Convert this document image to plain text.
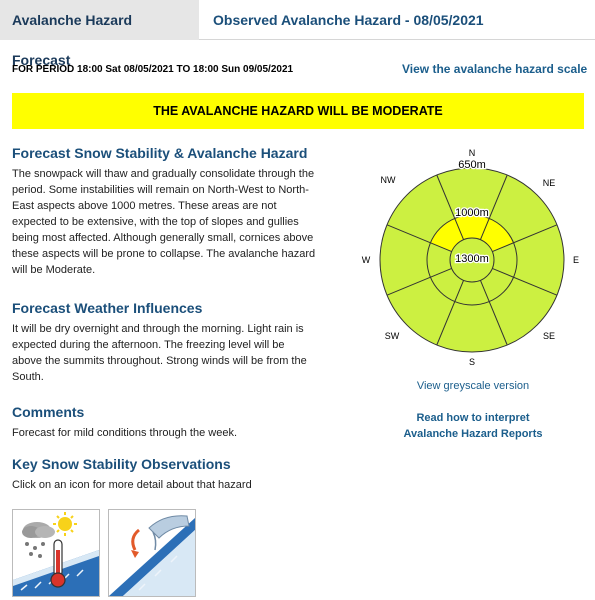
Avalanche Hazard Forecast
Observed Avalanche Hazard - 08/05/2021
FOR PERIOD 18:00 Sat 08/05/2021 TO 18:00 Sun 09/05/2021	View the avalanche hazard scale
THE AVALANCHE HAZARD WILL BE MODERATE
Forecast Snow Stability & Avalanche Hazard
The snowpack will thaw and gradually consolidate through the
period. Some instabilities will remain on North-West to North-
East aspects above 1000 metres. These areas are not
expected to be extensive, with the top of slopes and gullies
being most affected. Although generally small, cornices above
these aspects will be prone to collapse. The avalanche hazard
will be Moderate.
Forecast Weather Influences
It will be dry overnight and through the morning. Light rain is
expected during the afternoon. The freezing level will be
above the summits throughout. Strong winds will be from the
South.
Comments
Forecast for mild conditions through the week.
Key Snow Stability Observations
Click on an icon for more detail about that hazard
N
NE
E
SE
S
SW
W
NW
650m
1000m
1300m
View greyscale version
Read how to interpret
Avalanche Hazard Reports
